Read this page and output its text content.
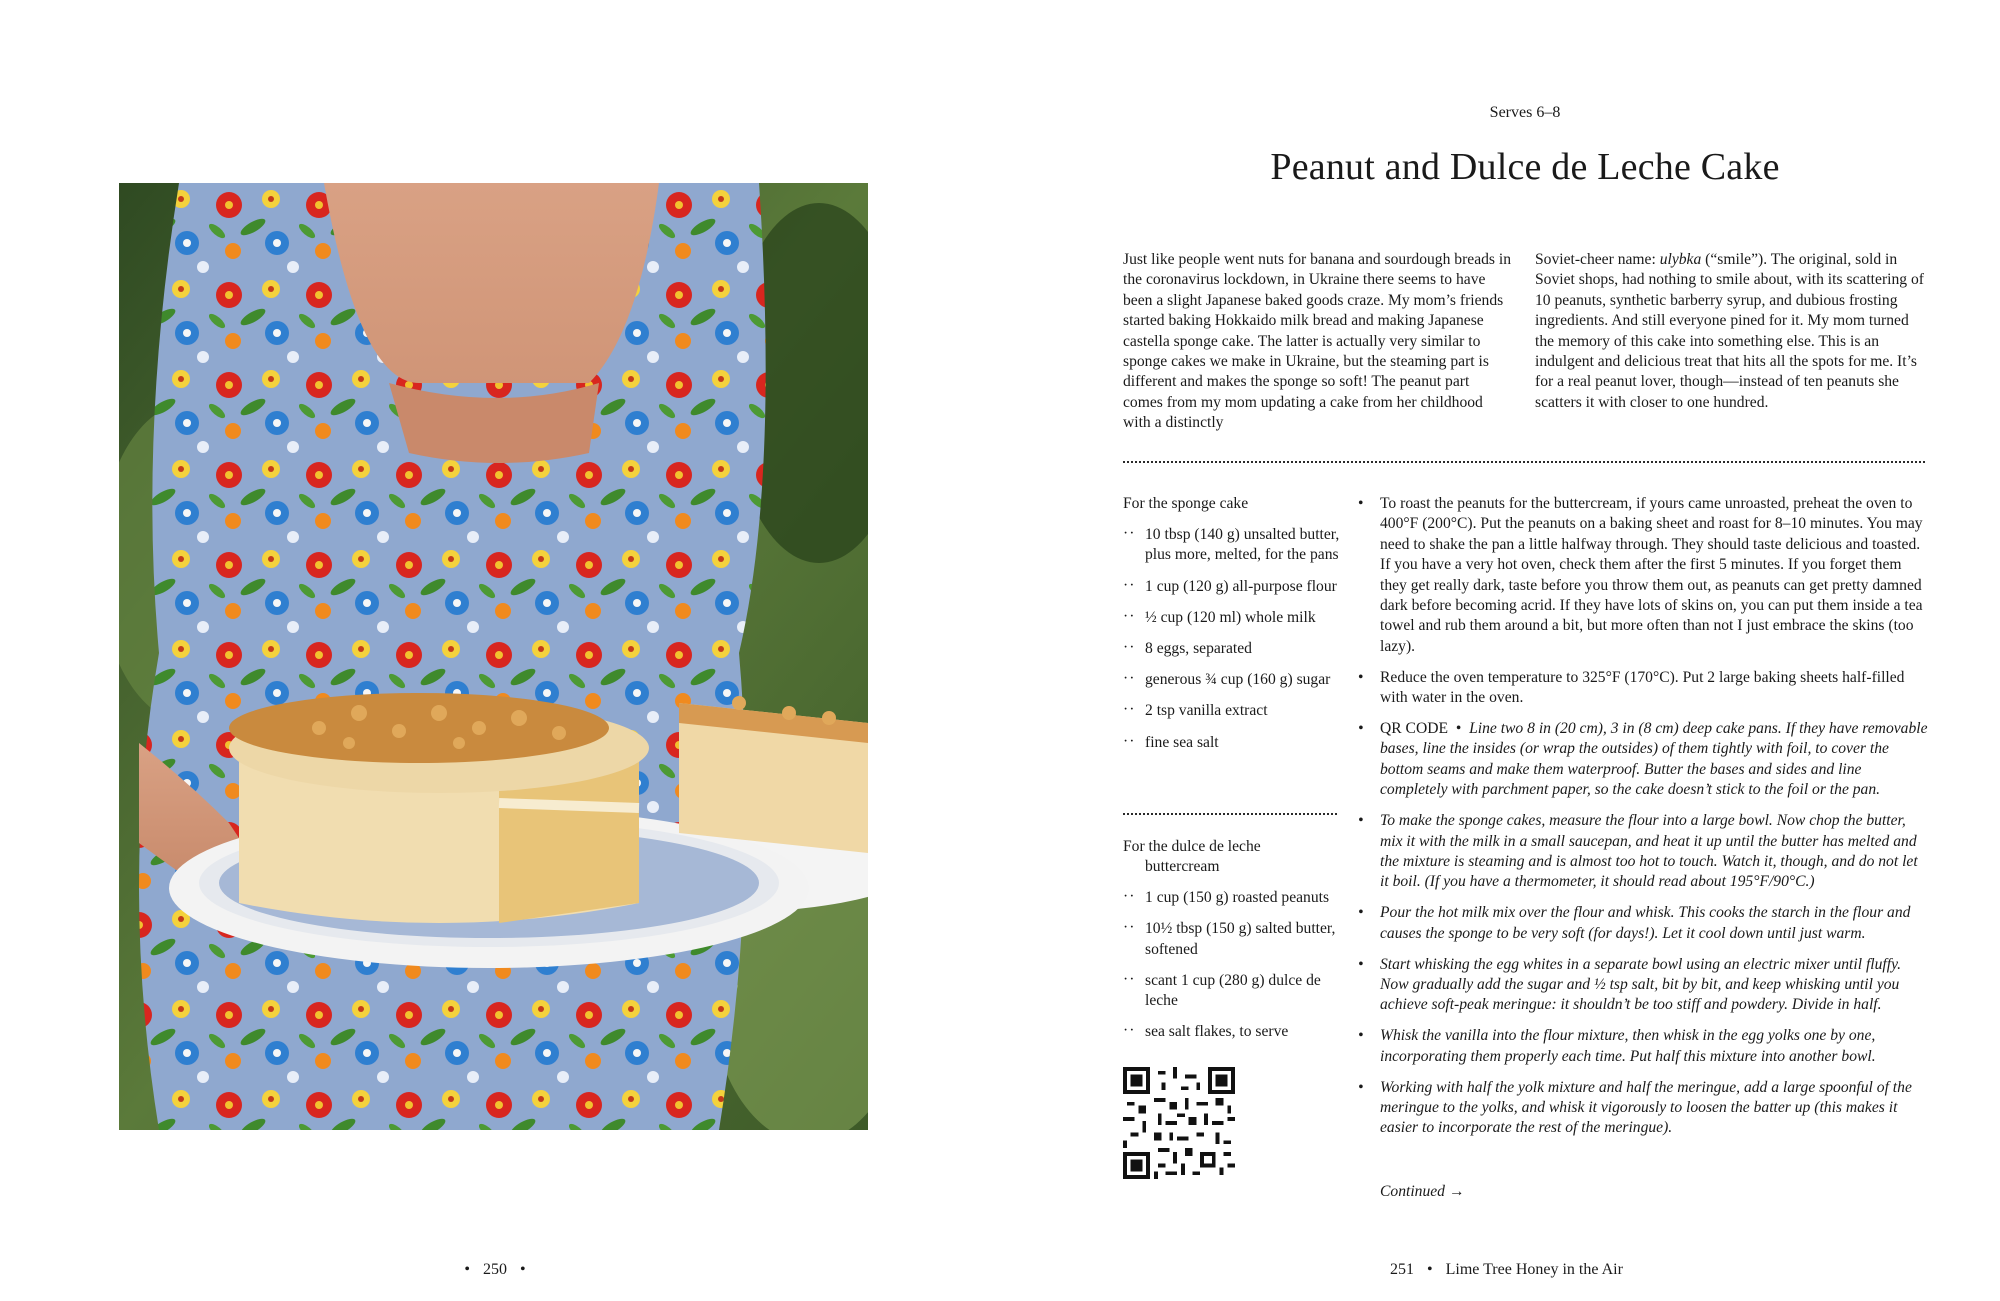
• 250 •
Serves 6–8
Peanut and Dulce de Leche Cake
Just like people went nuts for banana and sourdough breads in the coronavirus lockdown, in Ukraine there seems to have been a slight Japanese baked goods craze. My mom’s friends started baking Hokkaido milk bread and making Japanese castella sponge cake. The latter is actually very similar to sponge cakes we make in Ukraine, but the steaming part is different and makes the sponge so soft! The peanut part comes from my mom updating a cake from her childhood with a distinctly
Soviet-cheer name: ulybka (“smile”). The original, sold in Soviet shops, had nothing to smile about, with its scattering of 10 peanuts, synthetic barberry syrup, and dubious frosting ingredients. And still everyone pined for it. My mom turned the memory of this cake into something else. This is an indulgent and delicious treat that hits all the spots for me. It’s for a real peanut lover, though—instead of ten peanuts she scatters it with closer to one hundred.
For the sponge cake
·· 10 tbsp (140 g) unsalted butter, plus more, melted, for the pans
·· 1 cup (120 g) all-purpose flour
·· ½ cup (120 ml) whole milk
·· 8 eggs, separated
·· generous ¾ cup (160 g) sugar
·· 2 tsp vanilla extract
·· fine sea salt
For the dulce de leche
buttercream
·· 1 cup (150 g) roasted peanuts
·· 10½ tbsp (150 g) salted butter, softened
·· scant 1 cup (280 g) dulce de leche
·· sea salt flakes, to serve
• To roast the peanuts for the buttercream, if yours came unroasted, preheat the oven to 400°F (200°C). Put the peanuts on a baking sheet and roast for 8–10 minutes. You may need to shake the pan a little halfway through. They should taste delicious and toasted. If you have a very hot oven, check them after the first 5 minutes. If you forget them they get really dark, taste before you throw them out, as peanuts can get pretty damned dark before becoming acrid. If they have lots of skins on, you can put them inside a tea towel and rub them around a bit, but more often than not I just embrace the skins (too lazy).
• Reduce the oven temperature to 325°F (170°C). Put 2 large baking sheets half-filled with water in the oven.
• QR CODE • Line two 8 in (20 cm), 3 in (8 cm) deep cake pans. If they have removable bases, line the insides (or wrap the outsides) of them tightly with foil, to cover the bottom seams and make them waterproof. Butter the bases and sides and line completely with parchment paper, so the cake doesn’t stick to the foil or the pan.
• To make the sponge cakes, measure the flour into a large bowl. Now chop the butter, mix it with the milk in a small saucepan, and heat it up until the butter has melted and the mixture is steaming and is almost too hot to touch. Watch it, though, and do not let it boil. (If you have a thermometer, it should read about 195°F/90°C.)
• Pour the hot milk mix over the flour and whisk. This cooks the starch in the flour and causes the sponge to be very soft (for days!). Let it cool down until just warm.
• Start whisking the egg whites in a separate bowl using an electric mixer until fluffy. Now gradually add the sugar and ½ tsp salt, bit by bit, and keep whisking until you achieve soft-peak meringue: it shouldn’t be too stiff and powdery. Divide in half.
• Whisk the vanilla into the flour mixture, then whisk in the egg yolks one by one, incorporating them properly each time. Put half this mixture into another bowl.
• Working with half the yolk mixture and half the meringue, add a large spoonful of the meringue to the yolks, and whisk it vigorously to loosen the batter up (this makes it easier to incorporate the rest of the meringue).
Continued →
251 • Lime Tree Honey in the Air
